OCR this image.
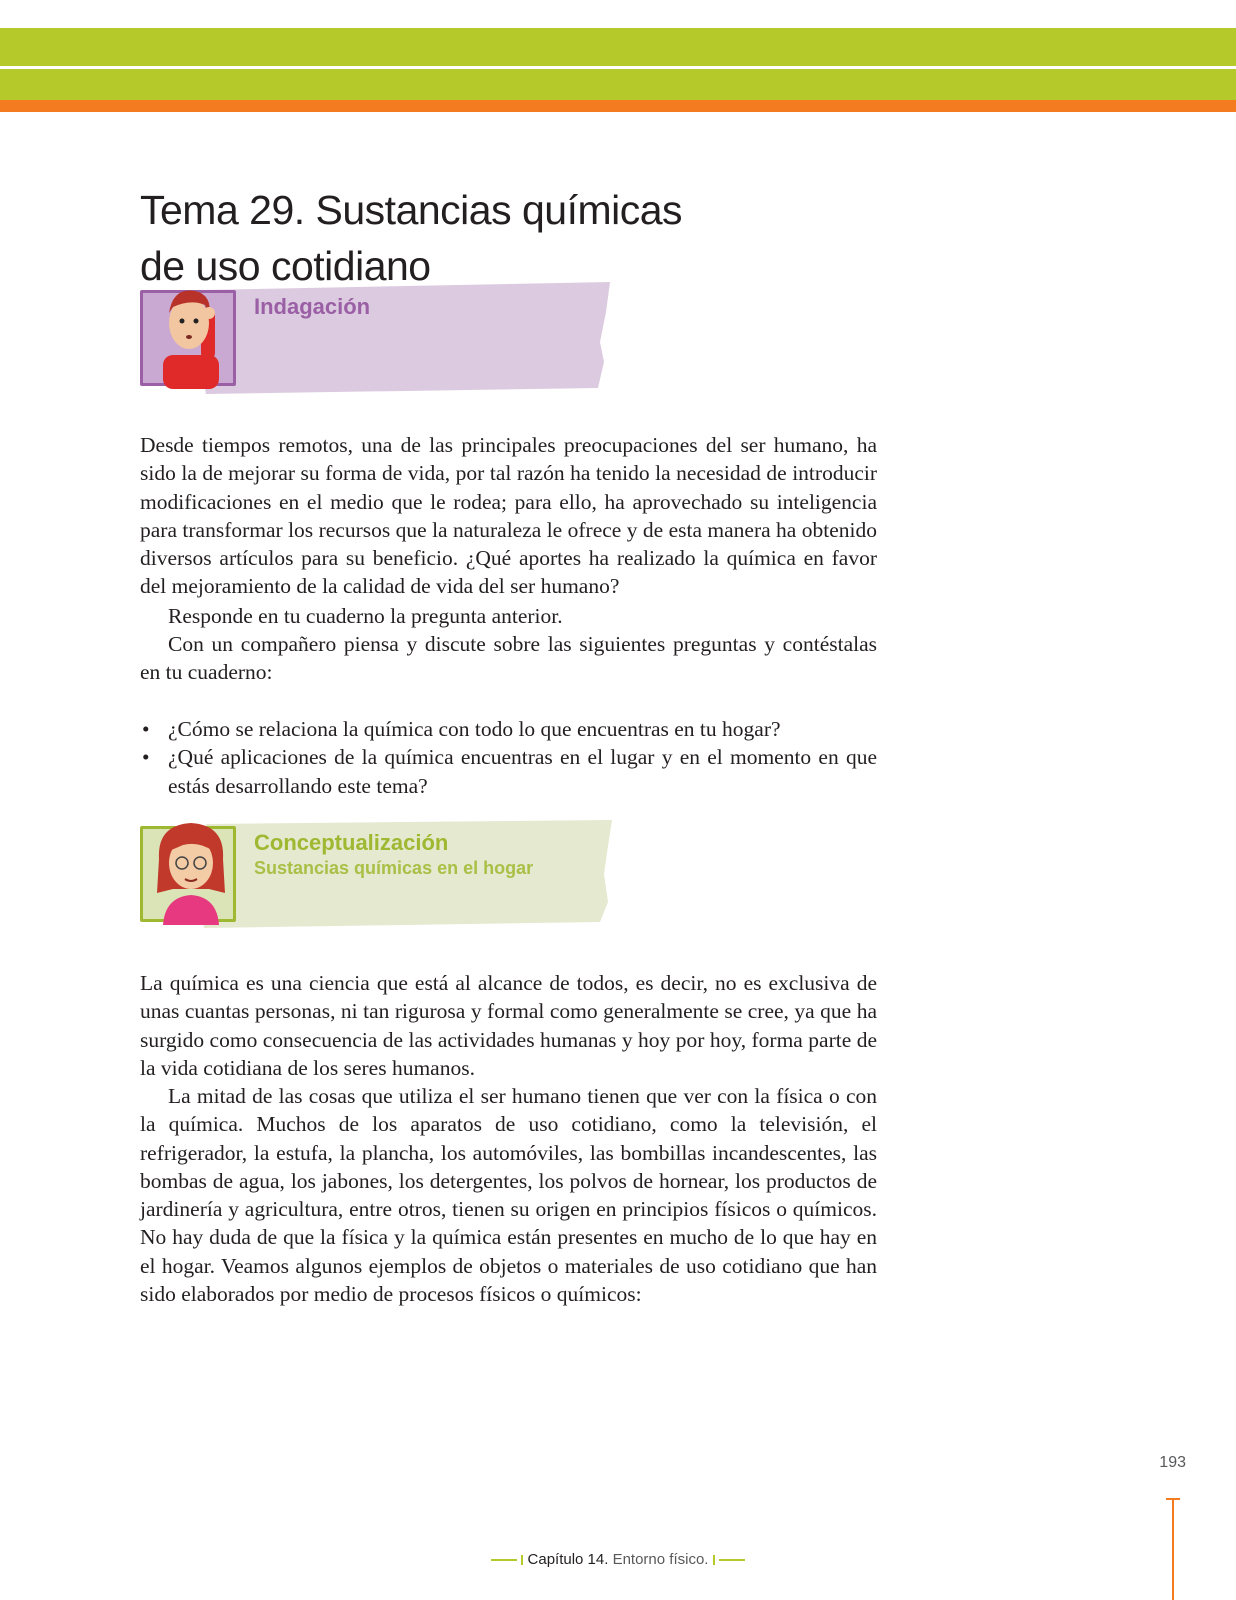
Tema 29. Sustancias químicas
de uso cotidiano
Indagación

Desde tiempos remotos, una de las principales preocupaciones del ser humano, ha sido la de mejorar su forma de vida, por tal razón ha tenido la necesidad de introducir modificaciones en el medio que le rodea; para ello, ha aprovechado su inteligencia para transformar los recursos que la naturaleza le ofrece y de esta manera ha obtenido diversos artículos para su beneficio. ¿Qué aportes ha realizado la química en favor del mejoramiento de la calidad de vida del ser humano?

Responde en tu cuaderno la pregunta anterior.

Con un compañero piensa y discute sobre las siguientes preguntas y contéstalas en tu cuaderno:

• ¿Cómo se relaciona la química con todo lo que encuentras en tu hogar?
• ¿Qué aplicaciones de la química encuentras en el lugar y en el momento en que estás desarrollando este tema?
Conceptualización
Sustancias químicas en el hogar

La química es una ciencia que está al alcance de todos, es decir, no es exclusiva de unas cuantas personas, ni tan rigurosa y formal como generalmente se cree, ya que ha surgido como consecuencia de las actividades humanas y hoy por hoy, forma parte de la vida cotidiana de los seres humanos.

La mitad de las cosas que utiliza el ser humano tienen que ver con la física o con la química. Muchos de los aparatos de uso cotidiano, como la televisión, el refrigerador, la estufa, la plancha, los automóviles, las bombillas incandescentes, las bombas de agua, los jabones, los detergentes, los polvos de hornear, los productos de jardinería y agricultura, entre otros, tienen su origen en principios físicos o químicos. No hay duda de que la física y la química están presentes en mucho de lo que hay en el hogar. Veamos algunos ejemplos de objetos o materiales de uso cotidiano que han sido elaborados por medio de procesos físicos o químicos:

193
Capítulo 14. Entorno físico.
